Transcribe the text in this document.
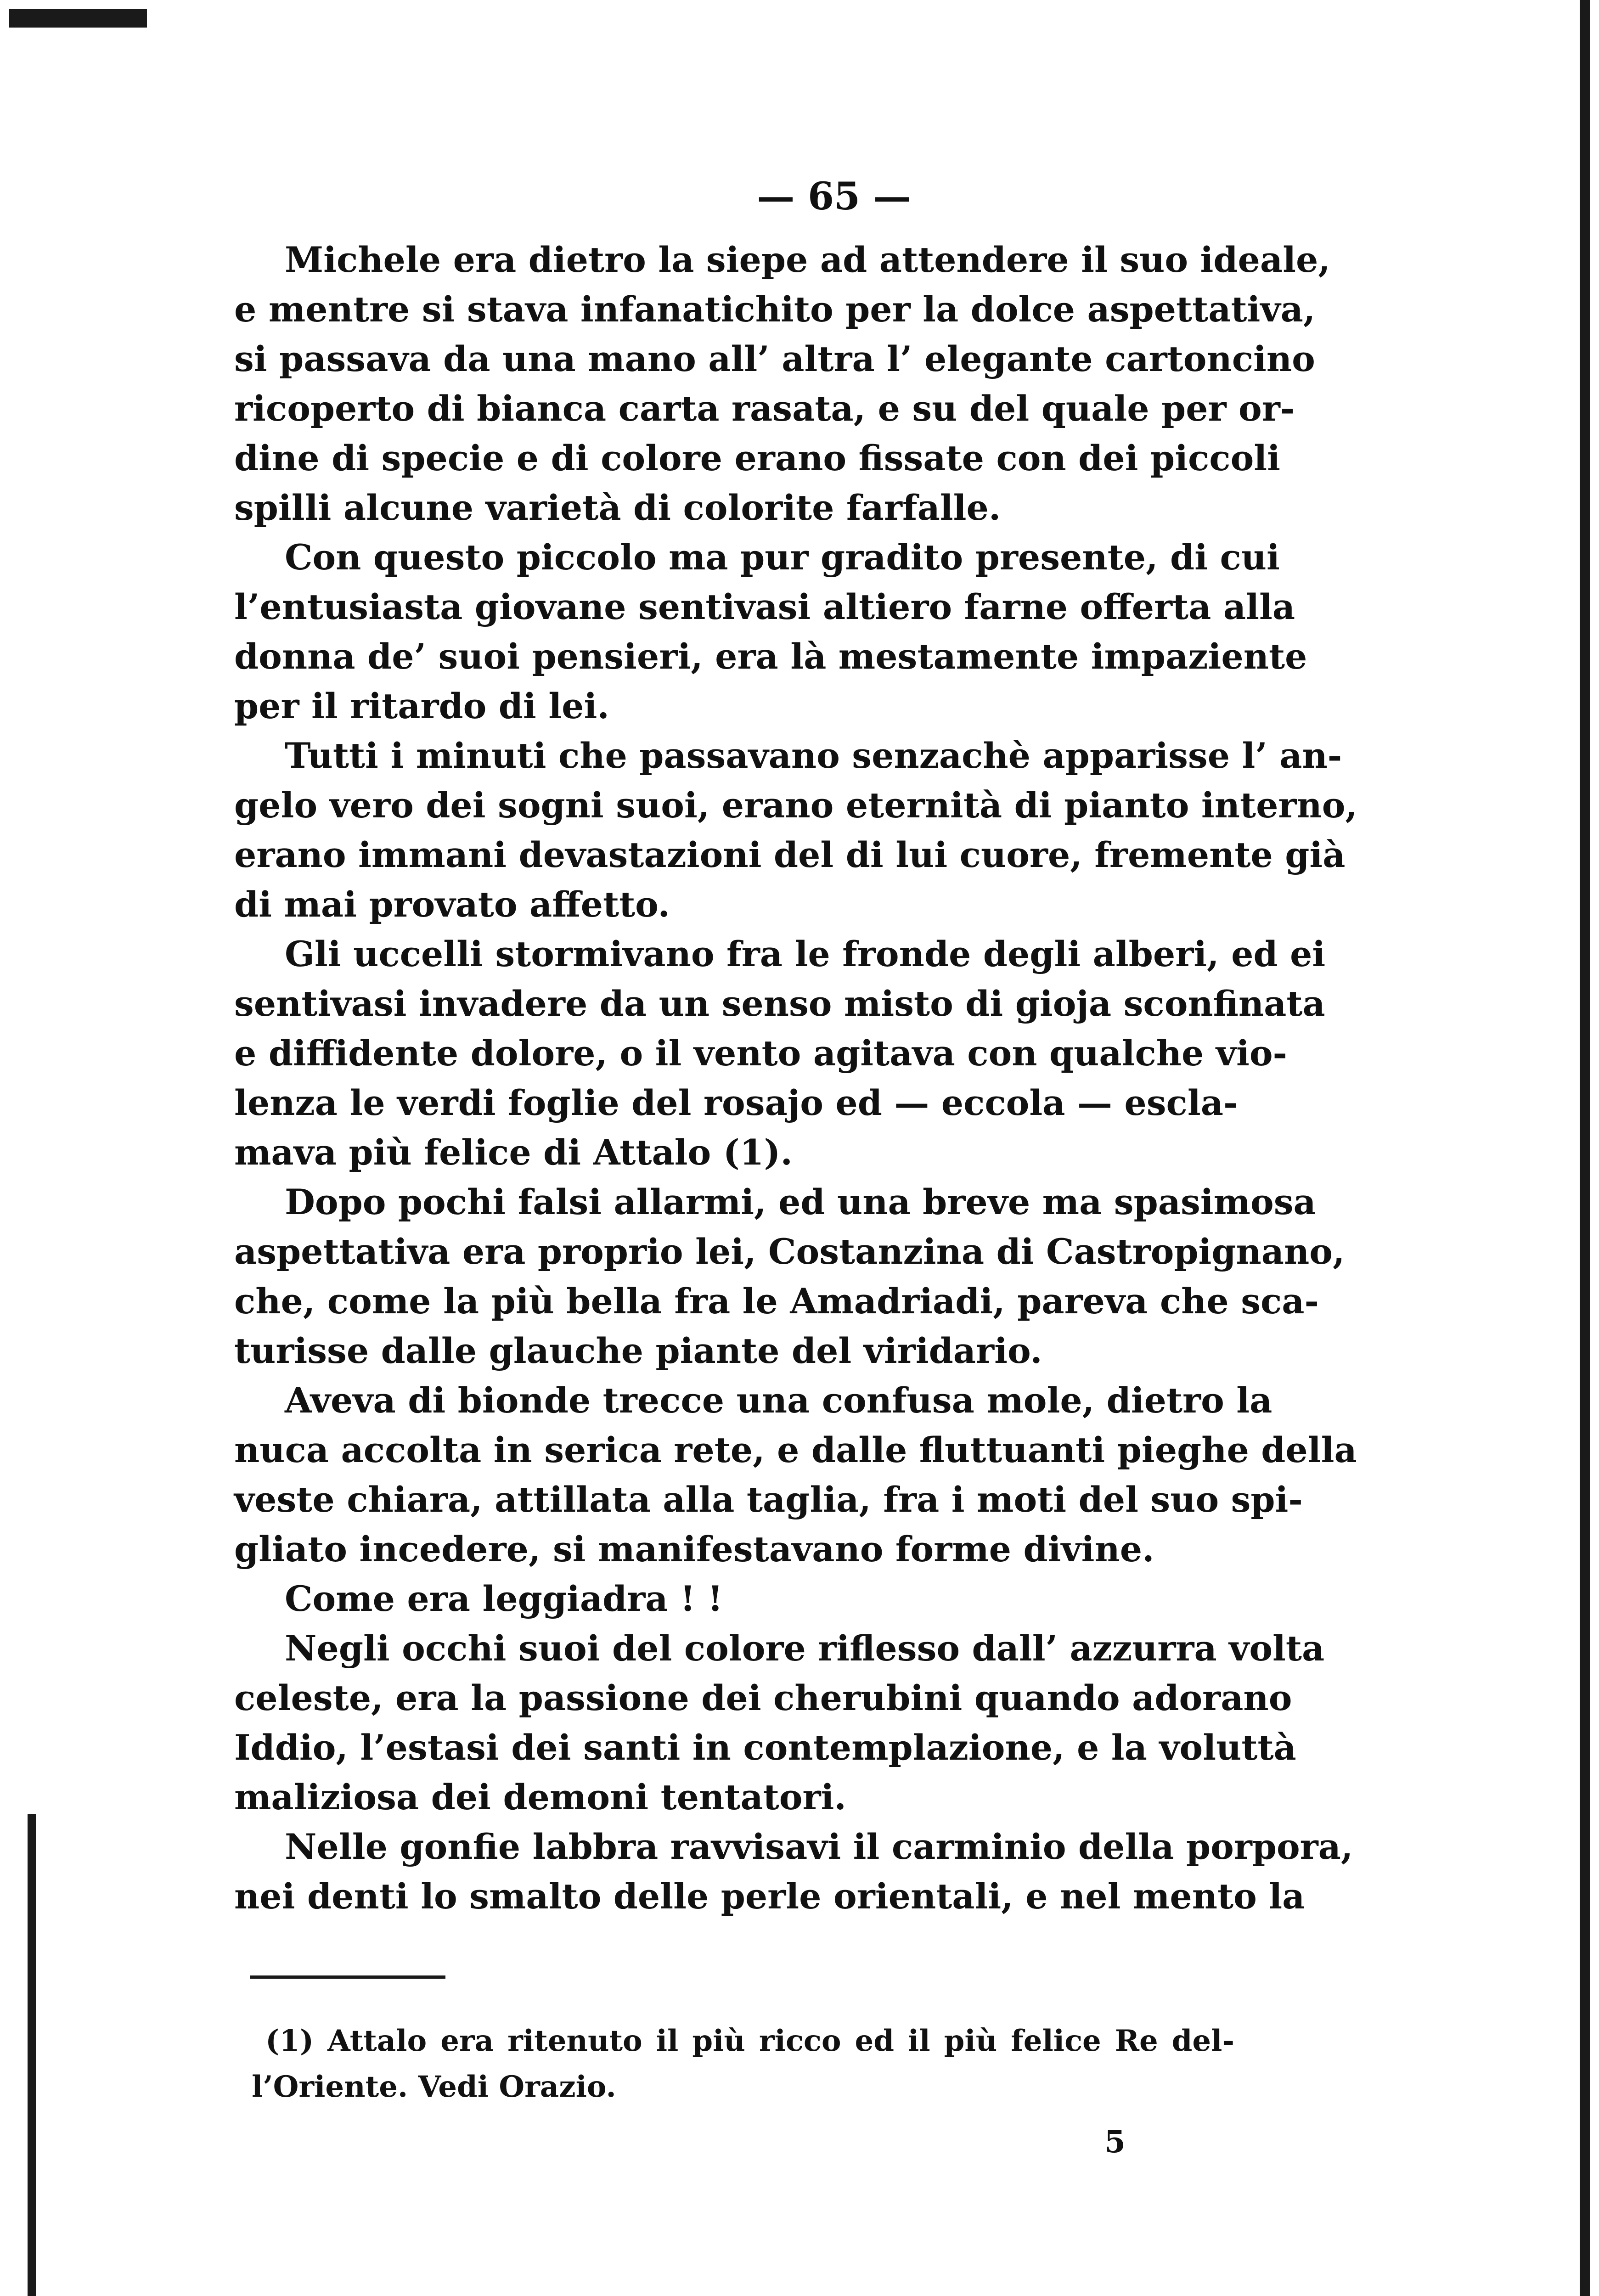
— 65 —
Michele era dietro la siepe ad attendere il suo ideale,
e mentre si stava infanatichito per la dolce aspettativa,
si passava da una mano all’ altra l’ elegante cartoncino
ricoperto di bianca carta rasata, e su del quale per or-
dine di specie e di colore erano fissate con dei piccoli
spilli alcune varietà di colorite farfalle.
Con questo piccolo ma pur gradito presente, di cui
l’entusiasta giovane sentivasi altiero farne offerta alla
donna de’ suoi pensieri, era là mestamente impaziente
per il ritardo di lei.
Tutti i minuti che passavano senzachè apparisse l’ an-
gelo vero dei sogni suoi, erano eternità di pianto interno,
erano immani devastazioni del di lui cuore, fremente già
di mai provato affetto.
Gli uccelli stormivano fra le fronde degli alberi, ed ei
sentivasi invadere da un senso misto di gioja sconfinata
e diffidente dolore, o il vento agitava con qualche vio-
lenza le verdi foglie del rosajo ed — eccola — escla-
mava più felice di Attalo (1).
Dopo pochi falsi allarmi, ed una breve ma spasimosa
aspettativa era proprio lei, Costanzina di Castropignano,
che, come la più bella fra le Amadriadi, pareva che sca-
turisse dalle glauche piante del viridario.
Aveva di bionde trecce una confusa mole, dietro la
nuca accolta in serica rete, e dalle fluttuanti pieghe della
veste chiara, attillata alla taglia, fra i moti del suo spi-
gliato incedere, si manifestavano forme divine.
Come era leggiadra ! !
Negli occhi suoi del colore riflesso dall’ azzurra volta
celeste, era la passione dei cherubini quando adorano
Iddio, l’estasi dei santi in contemplazione, e la voluttà
maliziosa dei demoni tentatori.
Nelle gonfie labbra ravvisavi il carminio della porpora,
nei denti lo smalto delle perle orientali, e nel mento la
(1) Attalo era ritenuto il più ricco ed il più felice Re del-
l’Oriente. Vedi Orazio.
5
